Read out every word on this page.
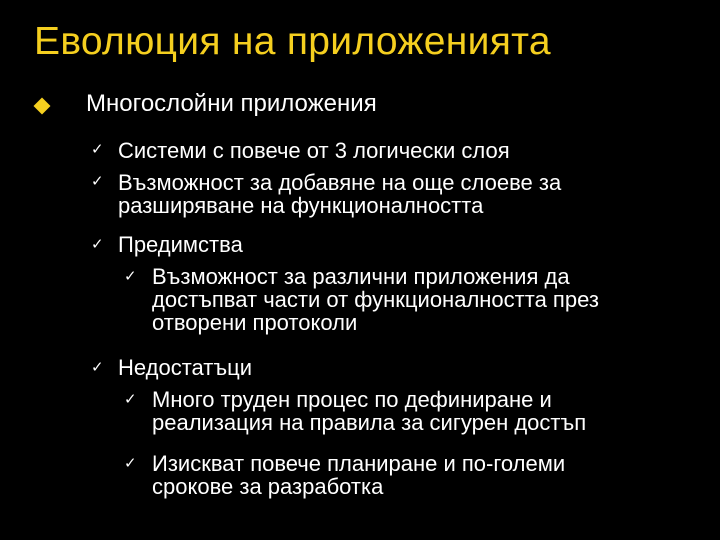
Еволюция на приложенията
Многослойни приложения
✓ Системи с повече от 3 логически слоя
✓ Възможност за добавяне на още слоеве за
разширяване на функционалността
✓ Предимства
✓ Възможност за различни приложения да
достъпват части от функционалността през
отворени протоколи
✓ Недостатъци
✓ Много труден процес по дефиниране и
реализация на правила за сигурен достъп
✓ Изискват повече планиране и по-големи
срокове за разработка
